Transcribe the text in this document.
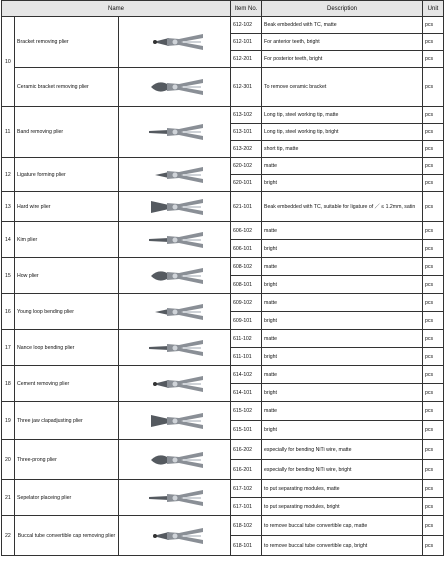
Name			Item No.	Description	Unit
10	Bracket removing plier		612-102	Beak embedded with TC, matte	pcs
			612-101	For anterior teeth, bright	pcs
			612-201	For posterior teeth, bright	pcs
	Ceramic bracket removing plier		612-301	To remove ceramic bracket	pcs
11	Band removing plier		613-102	Long tip, steel working tip, matte	pcs
			613-101	Long tip, steel working tip, bright	pcs
			613-202	short tip, matte	pcs
12	Ligature forming plier		620-102	matte	pcs
			620-101	bright	pcs
13	Hard wire plier		621-101	Beak embedded with TC, suitable for ligature of ／ ≤ 1.2mm, satin	pcs
14	Kim plier		606-102	matte	pcs
			606-101	bright	pcs
15	How plier		608-102	matte	pcs
			608-101	bright	pcs
16	Young loop bending plier		609-102	matte	pcs
			609-101	bright	pcs
17	Nance loop bending plier		611-102	matte	pcs
			611-101	bright	pcs
18	Cement removing plier		614-102	matte	pcs
			614-101	bright	pcs
19	Three jaw clapadjusting plier		615-102	matte	pcs
			615-101	bright	pcs
20	Three-prong plier		616-202	especially for bending NiTi wire, matte	pcs
			616-201	especially for bending NiTi wire, bright	pcs
21	Sepelator placeing plier		617-102	to put separating modules, matte	pcs
			617-101	to put separating modules, bright	pcs
22	Buccal tube convertible cap removing plier		618-102	to remove buccal tube convertible cap, matte	pcs
			618-101	to remove buccal tube convertible cap, bright	pcs
